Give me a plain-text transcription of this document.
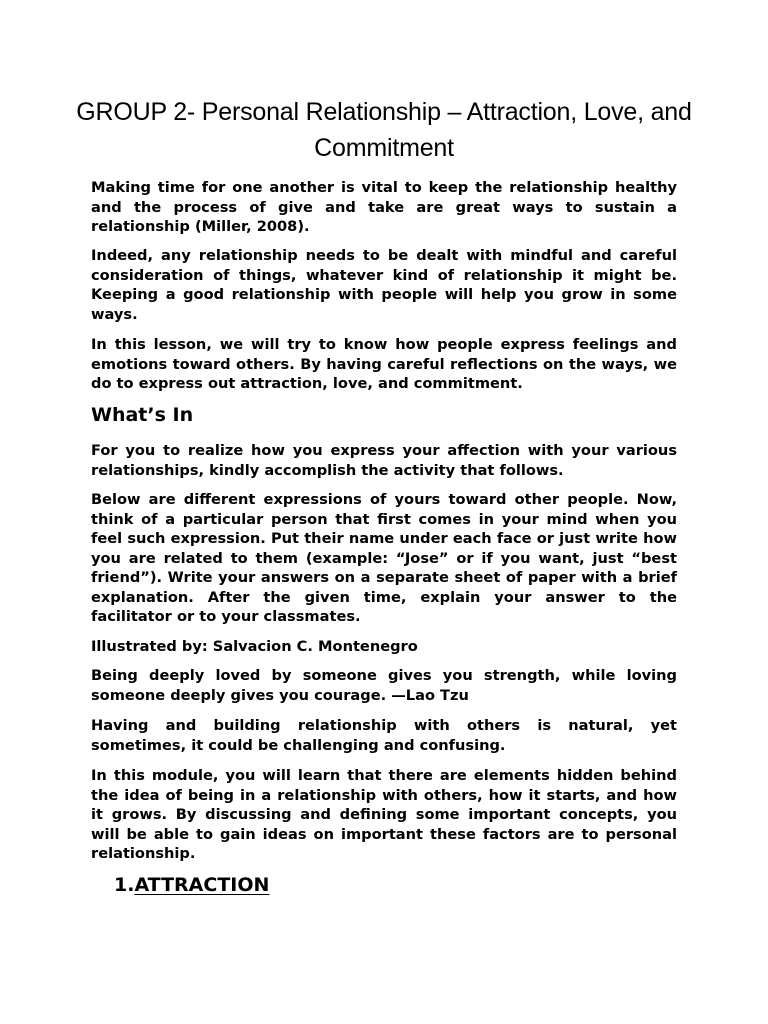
GROUP 2- Personal Relationship – Attraction, Love, and Commitment

Making time for one another is vital to keep the relationship healthy and the process of give and take are great ways to sustain a relationship (Miller, 2008).

Indeed, any relationship needs to be dealt with mindful and careful consideration of things, whatever kind of relationship it might be. Keeping a good relationship with people will help you grow in some ways.

In this lesson, we will try to know how people express feelings and emotions toward others. By having careful reflections on the ways, we do to express out attraction, love, and commitment.

What’s In

For you to realize how you express your affection with your various relationships, kindly accomplish the activity that follows.

Below are different expressions of yours toward other people. Now, think of a particular person that first comes in your mind when you feel such expression. Put their name under each face or just write how you are related to them (example: “Jose” or if you want, just “best friend”). Write your answers on a separate sheet of paper with a brief explanation. After the given time, explain your answer to the facilitator or to your classmates.

Illustrated by: Salvacion C. Montenegro

Being deeply loved by someone gives you strength, while loving someone deeply gives you courage. —Lao Tzu

Having and building relationship with others is natural, yet sometimes, it could be challenging and confusing.

In this module, you will learn that there are elements hidden behind the idea of being in a relationship with others, how it starts, and how it grows. By discussing and defining some important concepts, you will be able to gain ideas on important these factors are to personal relationship.

1.ATTRACTION
